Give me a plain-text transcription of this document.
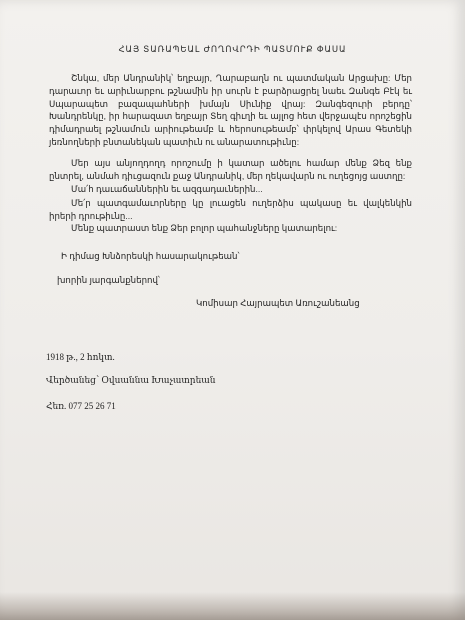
ՀԱՅ ՏԱՌԱՊԵԱԼ ԺՈՂՈՎՐԴԻ ՊԱՏՄՈՒՔ ՓԱՍԱ

Շնկա, մեր Անդրանիկ՝ եղբայր, Ղարաբաղն ու պատմական Արցախը: Մեր դարաւոր եւ արիւնարբու թշնամին իր սուրն է բարձրացրել նաեւ Զանգե Բէկ եւ Սպարապետ բազապահների խմայն Սիւնիք վրայ: Զանգեզուրի բերդը՝ Խանդրենկը, իր հարազատ եղբայր Տեղ գիւղի եւ այլոց հետ վերջապէս որոշեցին դիմադրաել թշնամուն արիութեամբ և հերոսութեամբ՝ փրկելով Արաս Գետեկի յեռնողների բնտանեկան պատիւն ու անարատութիւնը:

Մեր այս անյողդողդ որոշումը ի կատար ածելու համար մենք Ձեզ ենք ընտրել, անմահ դիւցազուն քաջ Անդրանիկ, մեր ղեկավարն ու ուղեցոյց աստղը:

Մա՛հ դաւաճաններին եւ ազգադաւներին...

Մե՛ր պատգամաւորները կը լուացեն ուղերձիս պակասը եւ վալկենկին իրերի դրութիւնը...

Մենք պատրաստ ենք Ձեր բոլոր պահանջները կատարելու:

Ի դիմաց Խնձորեսկի հասարակութեան՝
խորին յարգանքներով՝
Կոմիսար Հայրապետ Առուշանեանց
1918 թ., 2 հոկտ.
Վերծանեց՝ Օվսաննա Խաչատրեան
Հեռ. 077 25 26 71
